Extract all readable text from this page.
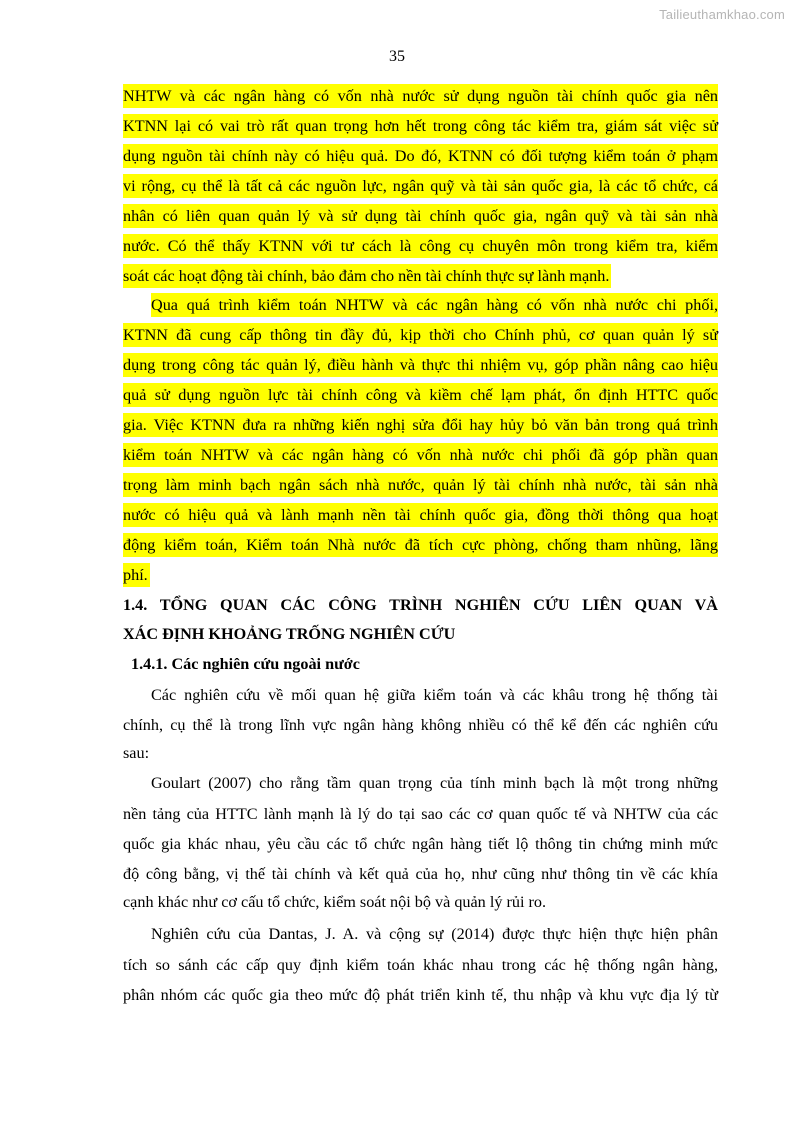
Tailieuthamkhao.com
35
NHTW và các ngân hàng có vốn nhà nước sử dụng nguồn tài chính quốc gia nên
KTNN lại có vai trò rất quan trọng hơn hết trong công tác kiểm tra, giám sát việc sử
dụng nguồn tài chính này có hiệu quả. Do đó, KTNN có đối tượng kiểm toán ở phạm
vi rộng, cụ thể là tất cả các nguồn lực, ngân quỹ và tài sản quốc gia, là các tổ chức, cá
nhân có liên quan quản lý và sử dụng tài chính quốc gia, ngân quỹ và tài sản nhà
nước. Có thể thấy KTNN với tư cách là công cụ chuyên môn trong kiểm tra, kiểm
soát các hoạt động tài chính, bảo đảm cho nền tài chính thực sự lành mạnh.
Qua quá trình kiểm toán NHTW và các ngân hàng có vốn nhà nước chi phối,
KTNN đã cung cấp thông tin đầy đủ, kịp thời cho Chính phủ, cơ quan quản lý sử
dụng trong công tác quản lý, điều hành và thực thi nhiệm vụ, góp phần nâng cao hiệu
quả sử dụng nguồn lực tài chính công và kiềm chế lạm phát, ổn định HTTC quốc
gia. Việc KTNN đưa ra những kiến nghị sửa đổi hay hủy bỏ văn bản trong quá trình
kiểm toán NHTW và các ngân hàng có vốn nhà nước chi phối đã góp phần quan
trọng làm minh bạch ngân sách nhà nước, quản lý tài chính nhà nước, tài sản nhà
nước có hiệu quả và lành mạnh nền tài chính quốc gia, đồng thời thông qua hoạt
động kiểm toán, Kiểm toán Nhà nước đã tích cực phòng, chống tham nhũng, lãng
phí.
1.4. TỔNG QUAN CÁC CÔNG TRÌNH NGHIÊN CỨU LIÊN QUAN VÀ
XÁC ĐỊNH KHOẢNG TRỐNG NGHIÊN CỨU
1.4.1. Các nghiên cứu ngoài nước
Các nghiên cứu về mối quan hệ giữa kiểm toán và các khâu trong hệ thống tài
chính, cụ thể là trong lĩnh vực ngân hàng không nhiều có thể kể đến các nghiên cứu
sau:
Goulart (2007) cho rằng tầm quan trọng của tính minh bạch là một trong những
nền tảng của HTTC lành mạnh là lý do tại sao các cơ quan quốc tế và NHTW của các
quốc gia khác nhau, yêu cầu các tổ chức ngân hàng tiết lộ thông tin chứng minh mức
độ công bằng, vị thế tài chính và kết quả của họ, như cũng như thông tin về các khía
cạnh khác như cơ cấu tổ chức, kiểm soát nội bộ và quản lý rủi ro.
Nghiên cứu của Dantas, J. A. và cộng sự (2014) được thực hiện thực hiện phân
tích so sánh các cấp quy định kiểm toán khác nhau trong các hệ thống ngân hàng,
phân nhóm các quốc gia theo mức độ phát triển kinh tế, thu nhập và khu vực địa lý từ
